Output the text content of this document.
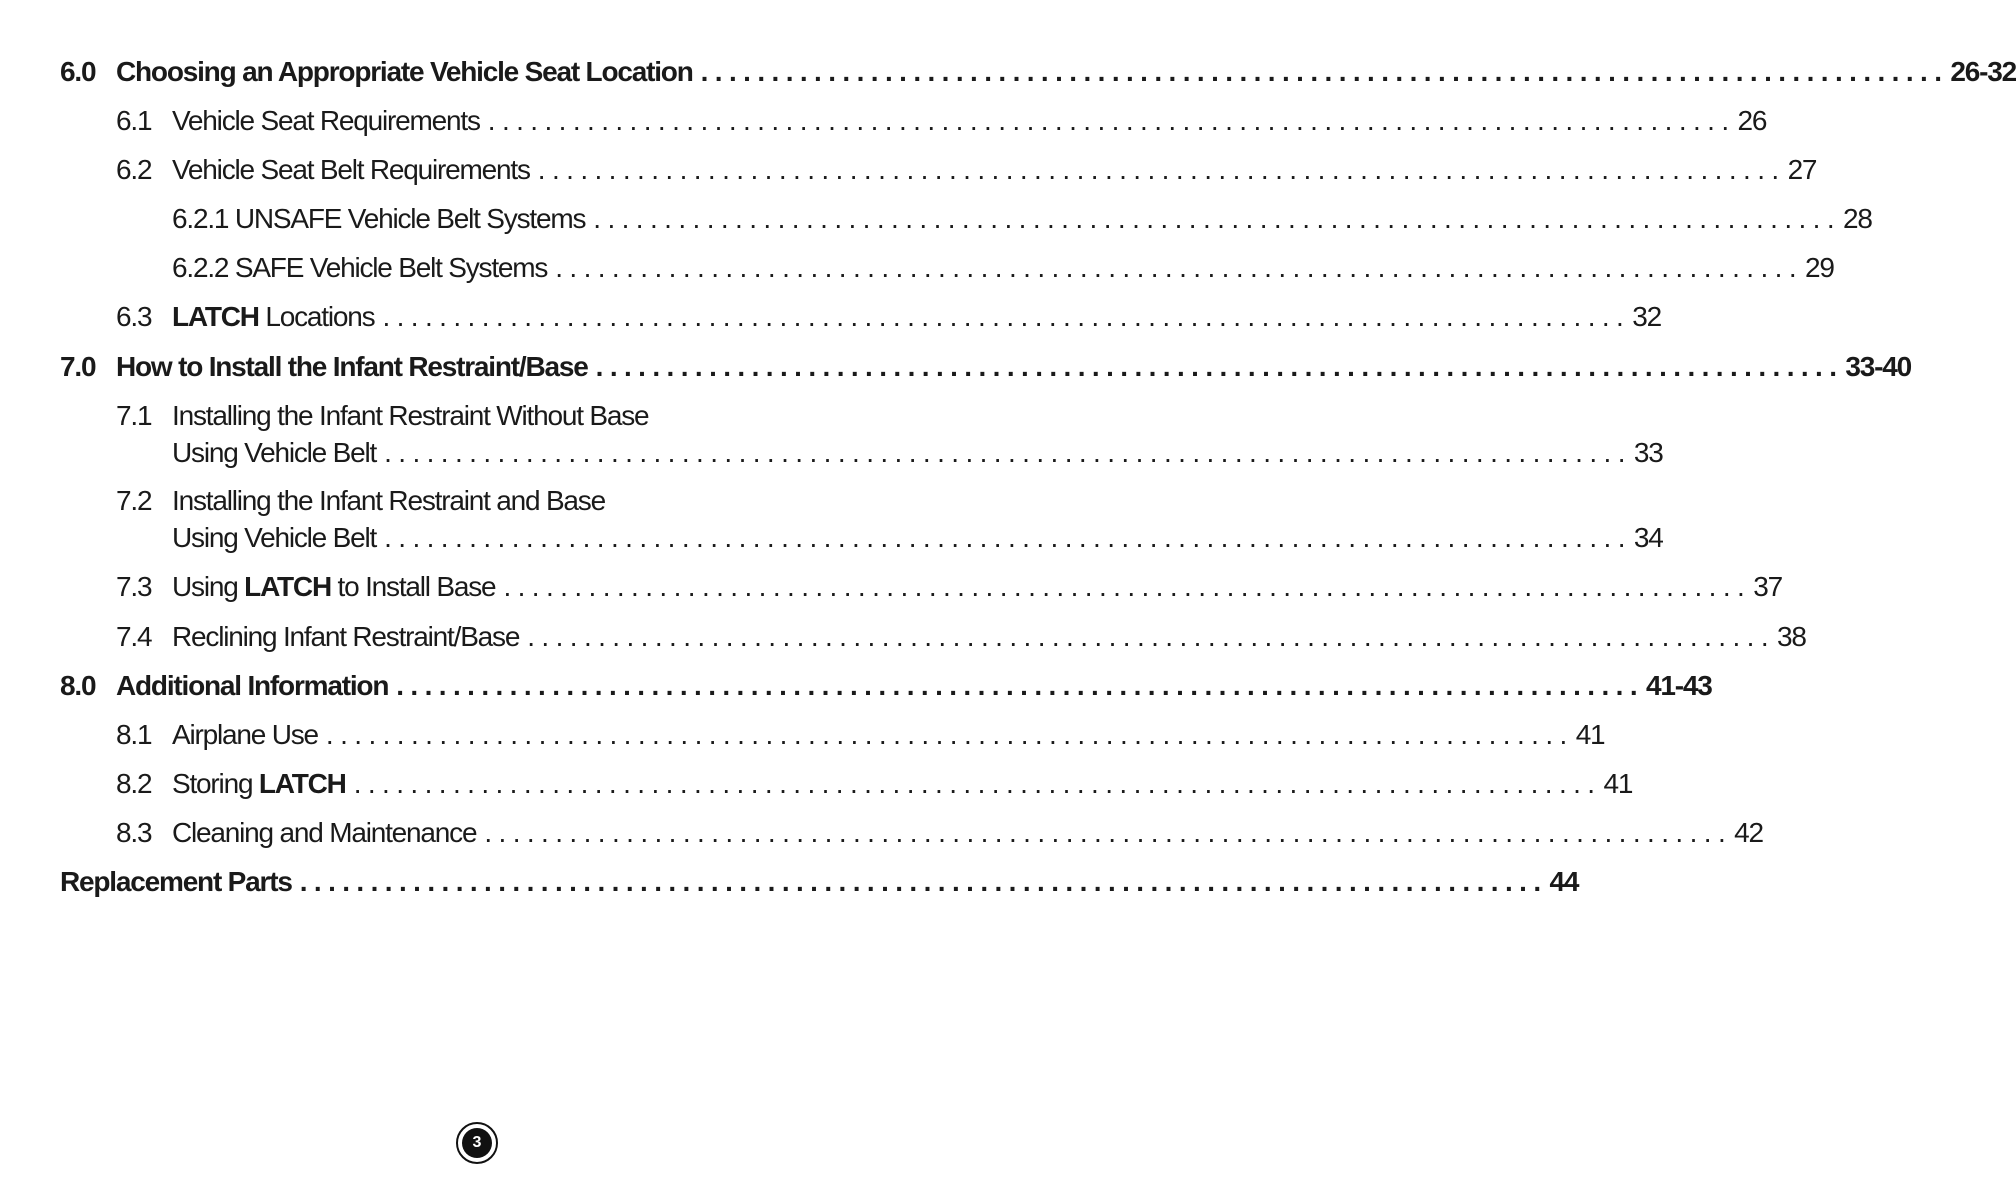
6.0 Choosing an Appropriate Vehicle Seat Location ........................................................................................ 26-32
6.1 Vehicle Seat Requirements ........................................................................................ 26
6.2 Vehicle Seat Belt Requirements ........................................................................................ 27
6.2.1 UNSAFE Vehicle Belt Systems ........................................................................................ 28
6.2.2 SAFE Vehicle Belt Systems ........................................................................................ 29
6.3 LATCH Locations ........................................................................................ 32
7.0 How to Install the Infant Restraint/Base ........................................................................................ 33-40
7.1 Installing the Infant Restraint Without Base
Using Vehicle Belt ........................................................................................ 33
7.2 Installing the Infant Restraint and Base
Using Vehicle Belt ........................................................................................ 34
7.3 Using LATCH to Install Base ........................................................................................ 37
7.4 Reclining Infant Restraint/Base ........................................................................................ 38
8.0 Additional Information ........................................................................................ 41-43
8.1 Airplane Use ........................................................................................ 41
8.2 Storing LATCH ........................................................................................ 41
8.3 Cleaning and Maintenance ........................................................................................ 42
Replacement Parts ........................................................................................ 44
3
